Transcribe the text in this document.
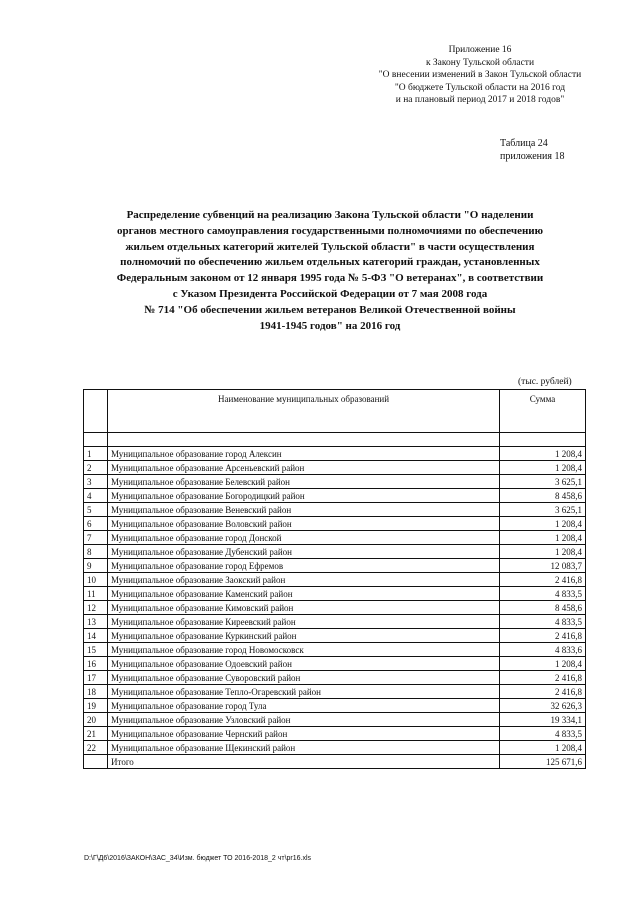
Приложение 16
к Закону Тульской области
"О внесении изменений в Закон Тульской области
"О бюджете Тульской области на 2016 год
и на плановый период 2017 и 2018 годов"
Таблица 24
приложения 18
Распределение субвенций на реализацию Закона Тульской области "О наделении
органов местного самоуправления государственными полномочиями по обеспечению
жильем отдельных категорий жителей Тульской области" в части осуществления
полномочий по обеспечению жильем отдельных категорий граждан, установленных
Федеральным законом от 12 января 1995 года № 5-ФЗ "О ветеранах", в соответствии
с Указом Президента Российской Федерации от 7 мая 2008 года
№ 714 "Об обеспечении жильем ветеранов Великой Отечественной войны
1941-1945 годов" на 2016 год
(тыс. рублей)
	Наименование муниципальных образований	Сумма

1	Муниципальное образование город Алексин	1 208,4
2	Муниципальное образование Арсеньевский район	1 208,4
3	Муниципальное образование Белевский район	3 625,1
4	Муниципальное образование Богородицкий район	8 458,6
5	Муниципальное образование Веневский район	3 625,1
6	Муниципальное образование Воловский район	1 208,4
7	Муниципальное образование город Донской	1 208,4
8	Муниципальное образование Дубенский район	1 208,4
9	Муниципальное образование город Ефремов	12 083,7
10	Муниципальное образование Заокский район	2 416,8
11	Муниципальное образование Каменский район	4 833,5
12	Муниципальное образование Кимовский район	8 458,6
13	Муниципальное образование Киреевский район	4 833,5
14	Муниципальное образование Куркинский район	2 416,8
15	Муниципальное образование город Новомосковск	4 833,6
16	Муниципальное образование Одоевский район	1 208,4
17	Муниципальное образование Суворовский район	2 416,8
18	Муниципальное образование Тепло-Огаревский район	2 416,8
19	Муниципальное образование город Тула	32 626,3
20	Муниципальное образование Узловский район	19 334,1
21	Муниципальное образование Чернский район	4 833,5
22	Муниципальное образование Щекинский район	1 208,4
	Итого	125 671,6
D:\Г\Д6\2016\ЗАКОН\ЗАС_34\Изм. бюджет ТО 2016-2018_2 чт\pr16.xls
